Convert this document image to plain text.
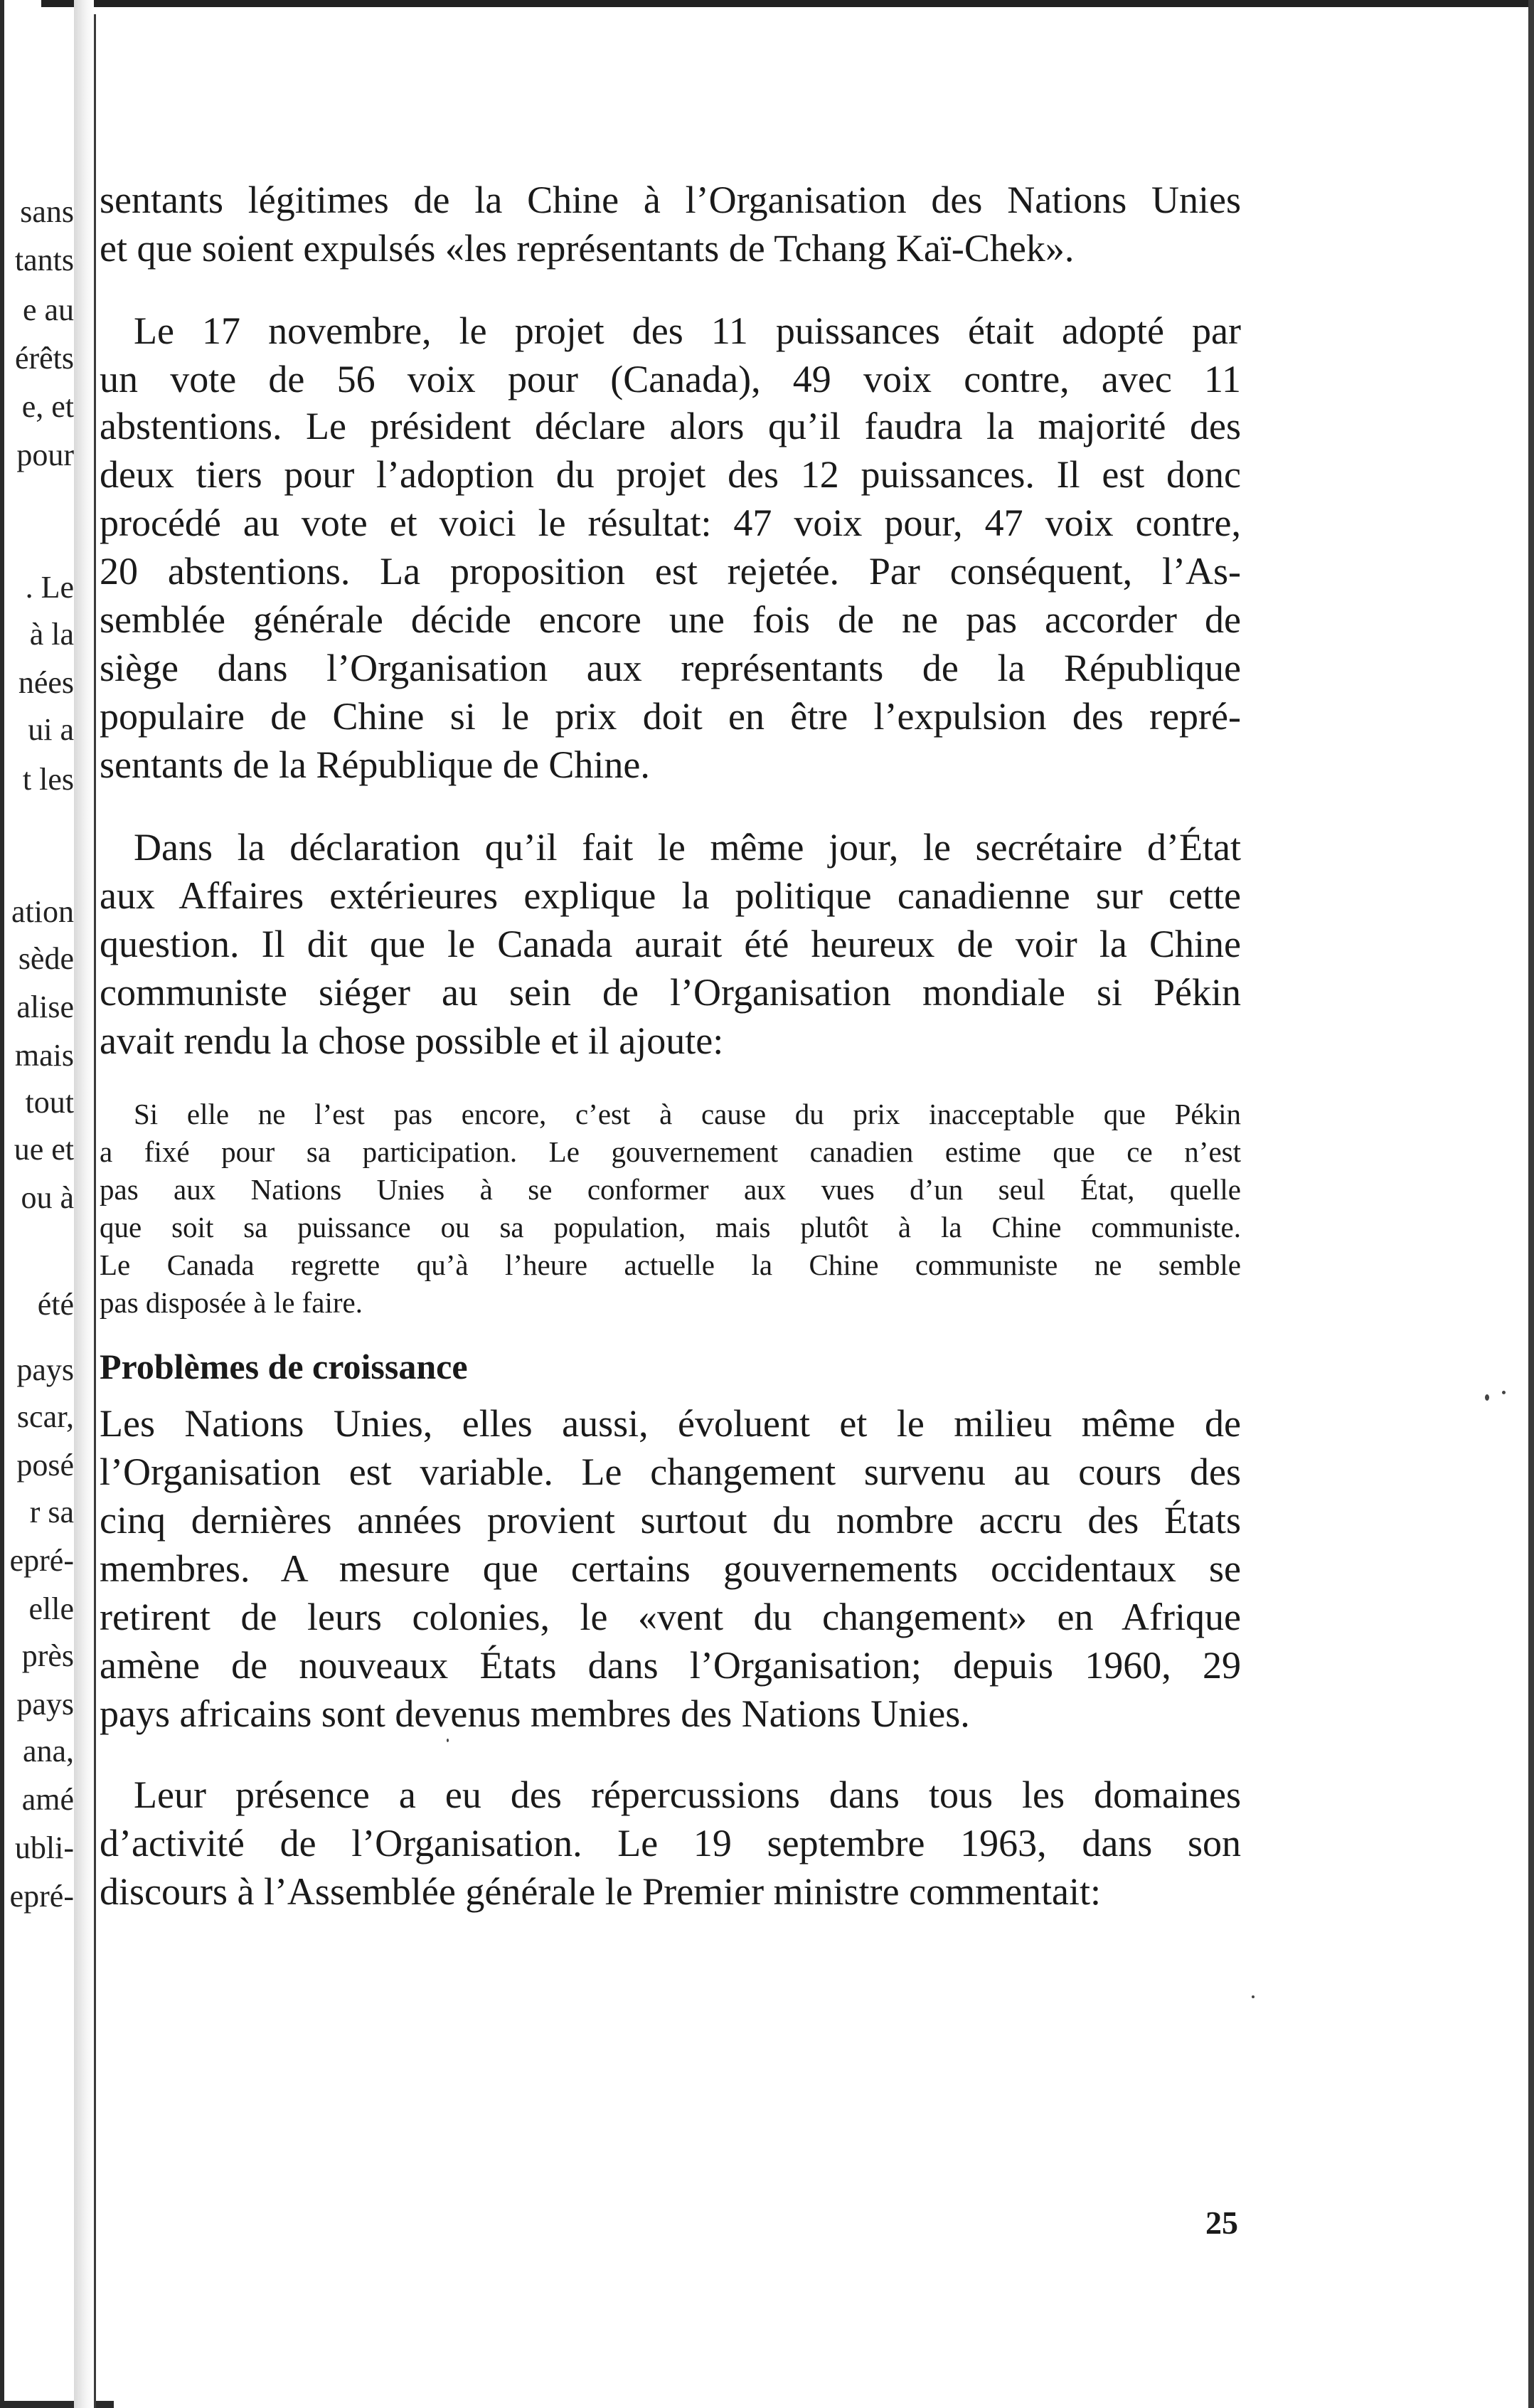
sans
tants
e au
érêts
e, et
pour
. Le
à la
nées
ui a
t les
ation
sède
alise
mais
tout
ue et
ou à
été
pays
scar,
posé
r sa
epré-
elle
près
pays
ana,
amé
ubli-
epré-
sentants légitimes de la Chine à l’Organisation des Nations Unies
et que soient expulsés «les représentants de Tchang Kaï-Chek».
Le 17 novembre, le projet des 11 puissances était adopté par
un vote de 56 voix pour (Canada), 49 voix contre, avec 11
abstentions. Le président déclare alors qu’il faudra la majorité des
deux tiers pour l’adoption du projet des 12 puissances. Il est donc
procédé au vote et voici le résultat: 47 voix pour, 47 voix contre,
20 abstentions. La proposition est rejetée. Par conséquent, l’As-
semblée générale décide encore une fois de ne pas accorder de
siège dans l’Organisation aux représentants de la République
populaire de Chine si le prix doit en être l’expulsion des repré-
sentants de la République de Chine.
Dans la déclaration qu’il fait le même jour, le secrétaire d’État
aux Affaires extérieures explique la politique canadienne sur cette
question. Il dit que le Canada aurait été heureux de voir la Chine
communiste siéger au sein de l’Organisation mondiale si Pékin
avait rendu la chose possible et il ajoute:
Si elle ne l’est pas encore, c’est à cause du prix inacceptable que Pékin
a fixé pour sa participation. Le gouvernement canadien estime que ce n’est
pas aux Nations Unies à se conformer aux vues d’un seul État, quelle
que soit sa puissance ou sa population, mais plutôt à la Chine communiste.
Le Canada regrette qu’à l’heure actuelle la Chine communiste ne semble
pas disposée à le faire.
Problèmes de croissance
Les Nations Unies, elles aussi, évoluent et le milieu même de
l’Organisation est variable. Le changement survenu au cours des
cinq dernières années provient surtout du nombre accru des États
membres. A mesure que certains gouvernements occidentaux se
retirent de leurs colonies, le «vent du changement» en Afrique
amène de nouveaux États dans l’Organisation; depuis 1960, 29
pays africains sont devenus membres des Nations Unies.
Leur présence a eu des répercussions dans tous les domaines
d’activité de l’Organisation. Le 19 septembre 1963, dans son
discours à l’Assemblée générale le Premier ministre commentait:
25
